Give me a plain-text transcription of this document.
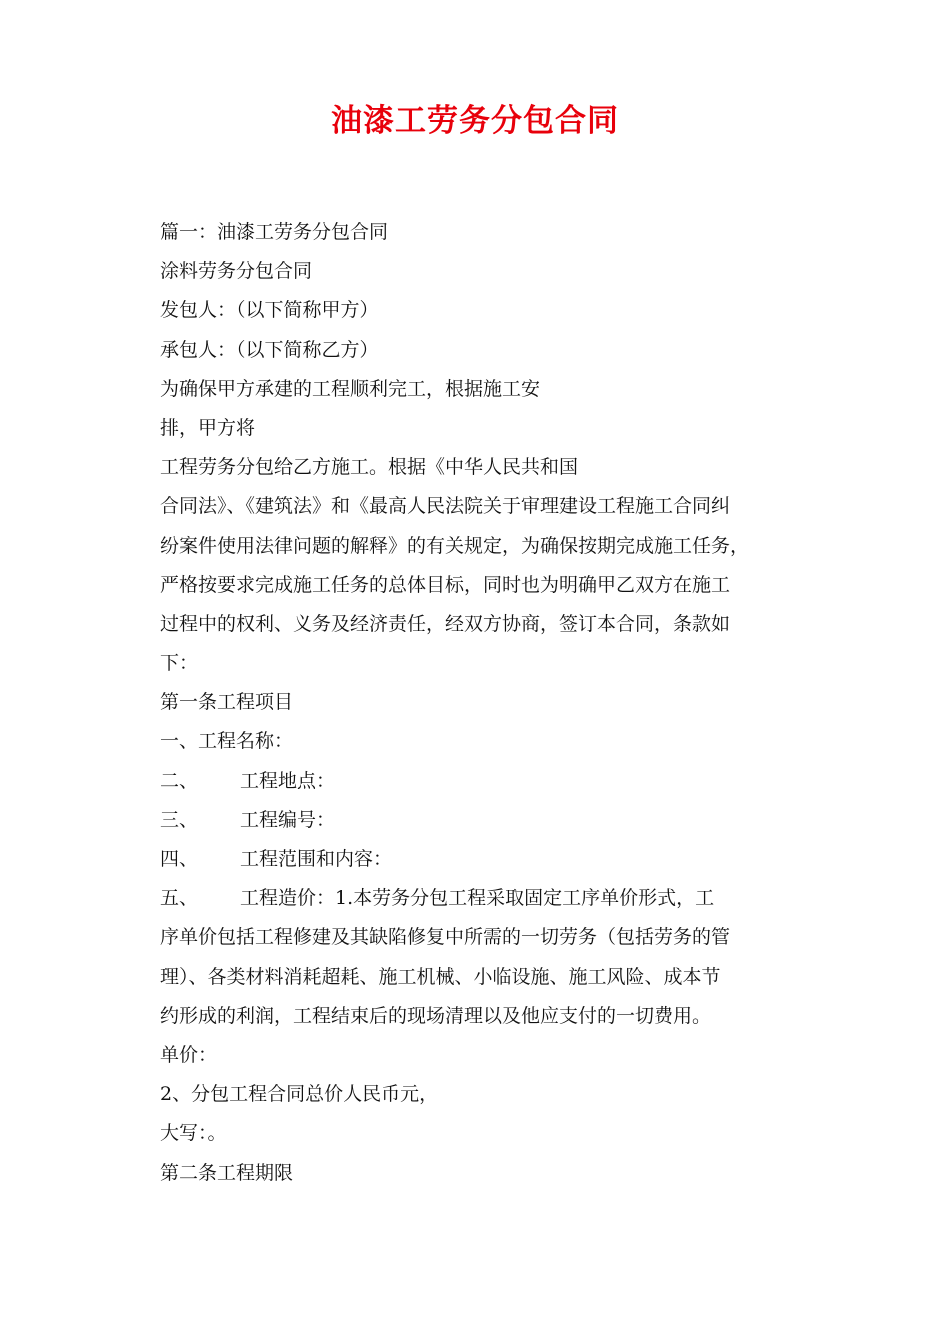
油漆工劳务分包合同
篇一：油漆工劳务分包合同
涂料劳务分包合同
发包人：（以下简称甲方）
承包人：（以下简称乙方）
为确保甲方承建的工程顺利完工，根据施工安
排，甲方将
工程劳务分包给乙方施工。根据《中华人民共和国
合同法》、《建筑法》和《最高人民法院关于审理建设工程施工合同纠
纷案件使用法律问题的解释》的有关规定，为确保按期完成施工任务，
严格按要求完成施工任务的总体目标，同时也为明确甲乙双方在施工
过程中的权利、义务及经济责任，经双方协商，签订本合同，条款如
下：
第一条工程项目
一、工程名称：
二、 工程地点：
三、 工程编号：
四、 工程范围和内容：
五、 工程造价：1.本劳务分包工程采取固定工序单价形式，工
序单价包括工程修建及其缺陷修复中所需的一切劳务（包括劳务的管
理）、各类材料消耗超耗、施工机械、小临设施、施工风险、成本节
约形成的利润，工程结束后的现场清理以及他应支付的一切费用。
单价：
2、分包工程合同总价人民币元，
大写：。
第二条工程期限
